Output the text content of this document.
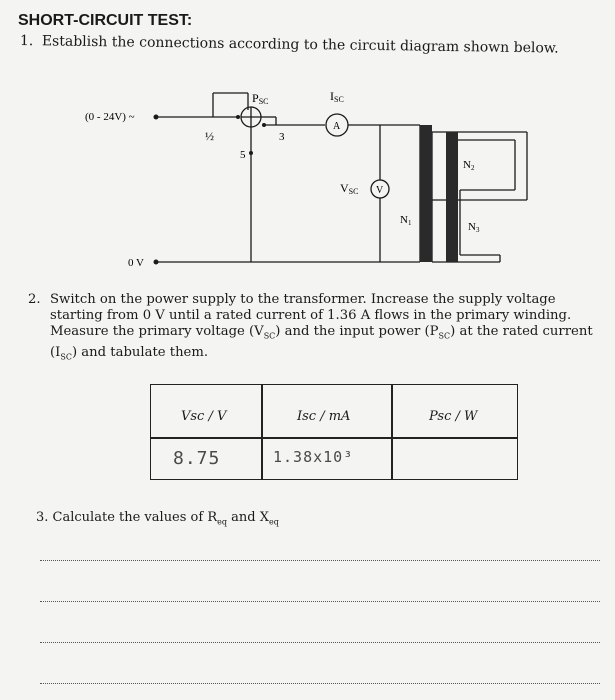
SHORT-CIRCUIT TEST:
1. Establish the connections according to the circuit diagram shown below.
(0 - 24V) ~
0 V
PSC	ISC
A
V
VSC
½	3
5
N1
N2
N3
2. Switch on the power supply to the transformer. Increase the supply voltage
starting from 0 V until a rated current of 1.36 A flows in the primary winding.
Measure the primary voltage $(V_{SC})$ and the input power $(P_{SC})$ at the rated current
$(I_{SC})$ and tabulate them.
Vsc / V	Isc / mA	Psc / W
8.75	1.38x10³
3. Calculate the values of $R_{eq}$ and $X_{eq}$
